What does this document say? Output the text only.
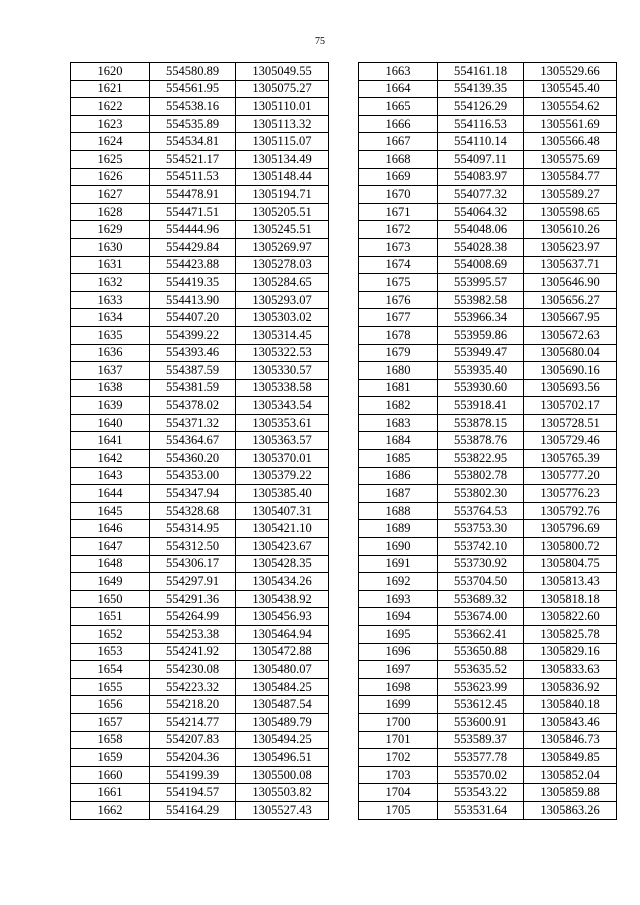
75
1620	554580.89	1305049.55
1621	554561.95	1305075.27
1622	554538.16	1305110.01
1623	554535.89	1305113.32
1624	554534.81	1305115.07
1625	554521.17	1305134.49
1626	554511.53	1305148.44
1627	554478.91	1305194.71
1628	554471.51	1305205.51
1629	554444.96	1305245.51
1630	554429.84	1305269.97
1631	554423.88	1305278.03
1632	554419.35	1305284.65
1633	554413.90	1305293.07
1634	554407.20	1305303.02
1635	554399.22	1305314.45
1636	554393.46	1305322.53
1637	554387.59	1305330.57
1638	554381.59	1305338.58
1639	554378.02	1305343.54
1640	554371.32	1305353.61
1641	554364.67	1305363.57
1642	554360.20	1305370.01
1643	554353.00	1305379.22
1644	554347.94	1305385.40
1645	554328.68	1305407.31
1646	554314.95	1305421.10
1647	554312.50	1305423.67
1648	554306.17	1305428.35
1649	554297.91	1305434.26
1650	554291.36	1305438.92
1651	554264.99	1305456.93
1652	554253.38	1305464.94
1653	554241.92	1305472.88
1654	554230.08	1305480.07
1655	554223.32	1305484.25
1656	554218.20	1305487.54
1657	554214.77	1305489.79
1658	554207.83	1305494.25
1659	554204.36	1305496.51
1660	554199.39	1305500.08
1661	554194.57	1305503.82
1662	554164.29	1305527.43
1663	554161.18	1305529.66
1664	554139.35	1305545.40
1665	554126.29	1305554.62
1666	554116.53	1305561.69
1667	554110.14	1305566.48
1668	554097.11	1305575.69
1669	554083.97	1305584.77
1670	554077.32	1305589.27
1671	554064.32	1305598.65
1672	554048.06	1305610.26
1673	554028.38	1305623.97
1674	554008.69	1305637.71
1675	553995.57	1305646.90
1676	553982.58	1305656.27
1677	553966.34	1305667.95
1678	553959.86	1305672.63
1679	553949.47	1305680.04
1680	553935.40	1305690.16
1681	553930.60	1305693.56
1682	553918.41	1305702.17
1683	553878.15	1305728.51
1684	553878.76	1305729.46
1685	553822.95	1305765.39
1686	553802.78	1305777.20
1687	553802.30	1305776.23
1688	553764.53	1305792.76
1689	553753.30	1305796.69
1690	553742.10	1305800.72
1691	553730.92	1305804.75
1692	553704.50	1305813.43
1693	553689.32	1305818.18
1694	553674.00	1305822.60
1695	553662.41	1305825.78
1696	553650.88	1305829.16
1697	553635.52	1305833.63
1698	553623.99	1305836.92
1699	553612.45	1305840.18
1700	553600.91	1305843.46
1701	553589.37	1305846.73
1702	553577.78	1305849.85
1703	553570.02	1305852.04
1704	553543.22	1305859.88
1705	553531.64	1305863.26
